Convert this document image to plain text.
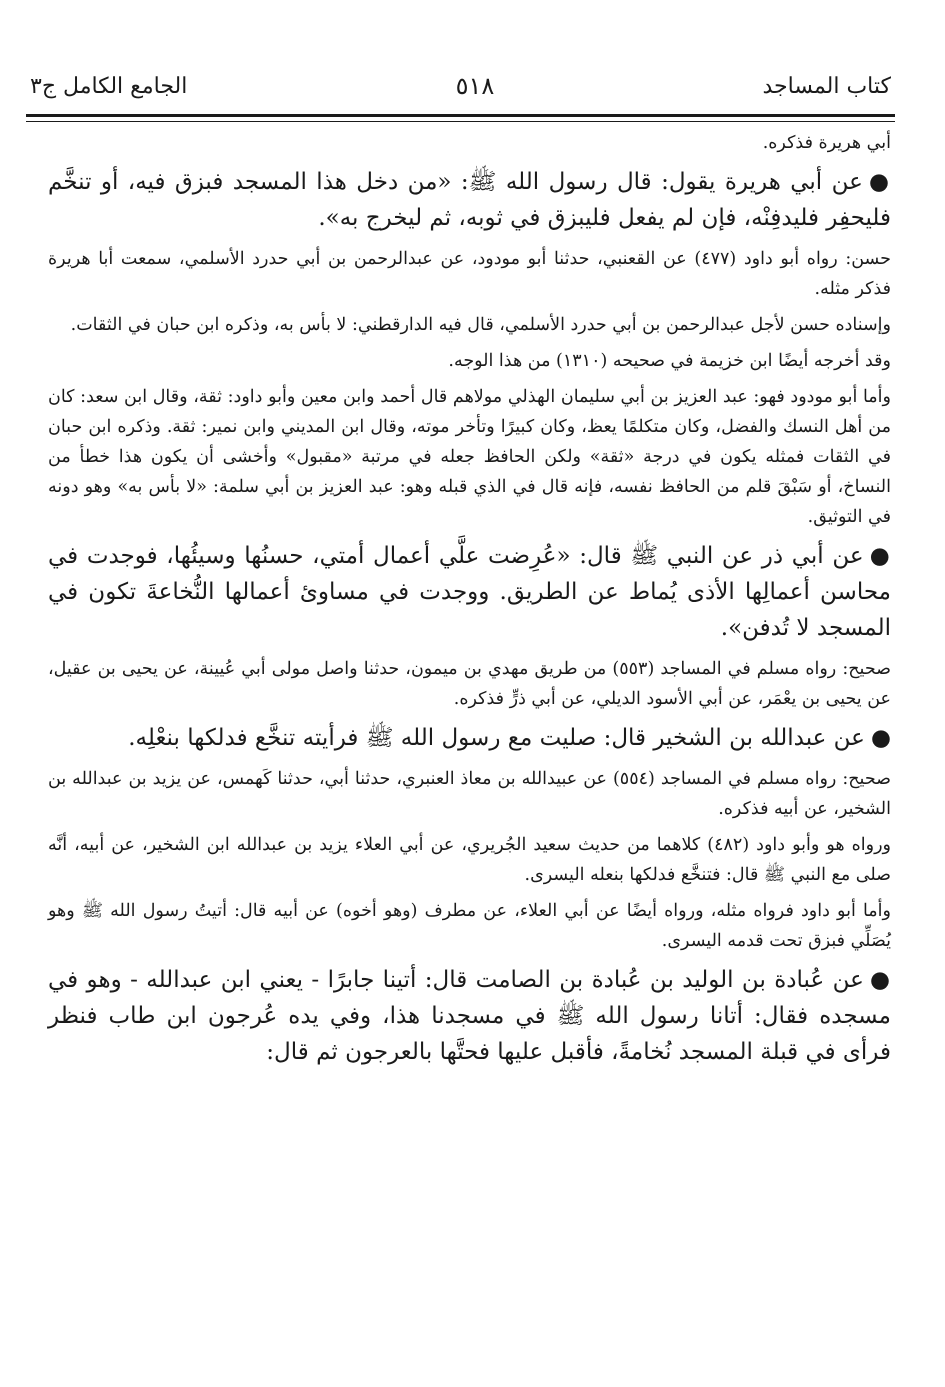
كتاب المساجد
٥١٨
الجامع الكامل ج٣

أبي هريرة فذكره.

●عن أبي هريرة يقول: قال رسول الله ﷺ: «من دخل هذا المسجد فبزق فيه، أو تنخَّم فليحفِر فليدفِنْه، فإن لم يفعل فليبزق في ثوبه، ثم ليخرج به».

حسن: رواه أبو داود (٤٧٧) عن القعنبي، حدثنا أبو مودود، عن عبدالرحمن بن أبي حدرد الأسلمي، سمعت أبا هريرة فذكر مثله.

وإسناده حسن لأجل عبدالرحمن بن أبي حدرد الأسلمي، قال فيه الدارقطني: لا بأس به، وذكره ابن حبان في الثقات.

وقد أخرجه أيضًا ابن خزيمة في صحيحه (١٣١٠) من هذا الوجه.

وأما أبو مودود فهو: عبد العزيز بن أبي سليمان الهذلي مولاهم قال أحمد وابن معين وأبو داود: ثقة، وقال ابن سعد: كان من أهل النسك والفضل، وكان متكلمًا يعظ، وكان كبيرًا وتأخر موته، وقال ابن المديني وابن نمير: ثقة. وذكره ابن حبان في الثقات فمثله يكون في درجة «ثقة» ولكن الحافظ جعله في مرتبة «مقبول» وأخشى أن يكون هذا خطأ من النساخ، أو سَبْقَ قلم من الحافظ نفسه، فإنه قال في الذي قبله وهو: عبد العزيز بن أبي سلمة: «لا بأس به» وهو دونه في التوثيق.

●عن أبي ذر عن النبي ﷺ قال: «عُرِضت علَّي أعمال أمتي، حسنُها وسيئُها، فوجدت في محاسن أعمالِها الأذى يُماط عن الطريق. ووجدت في مساوئ أعمالها النُّخاعةَ تكون في المسجد لا تُدفن».

صحيح: رواه مسلم في المساجد (٥٥٣) من طريق مهدي بن ميمون، حدثنا واصل مولى أبي عُيينة، عن يحيى بن عقيل، عن يحيى بن يعْمَر، عن أبي الأسود الديلي، عن أبي ذرٍّ فذكره.

●عن عبدالله بن الشخير قال: صليت مع رسول الله ﷺ فرأيته تنخَّع فدلكها بنعْلِه.

صحيح: رواه مسلم في المساجد (٥٥٤) عن عبيدالله بن معاذ العنبري، حدثنا أبي، حدثنا كَهمس، عن يزيد بن عبدالله بن الشخير، عن أبيه فذكره.

ورواه هو وأبو داود (٤٨٢) كلاهما من حديث سعيد الجُريري، عن أبي العلاء يزيد بن عبدالله ابن الشخير، عن أبيه، أنَّه صلى مع النبي ﷺ قال: فتنخَّع فدلكها بنعله اليسرى.

وأما أبو داود فرواه مثله، ورواه أيضًا عن أبي العلاء، عن مطرف (وهو أخوه) عن أبيه قال: أتيتُ رسول الله ﷺ وهو يُصَلِّي فبزق تحت قدمه اليسرى.

●عن عُبادة بن الوليد بن عُبادة بن الصامت قال: أتينا جابرًا - يعني ابن عبدالله - وهو في مسجده فقال: أتانا رسول الله ﷺ في مسجدنا هذا، وفي يده عُرجون ابن طاب فنظر فرأى في قبلة المسجد نُخامةً، فأقبل عليها فحتَّها بالعرجون ثم قال:
